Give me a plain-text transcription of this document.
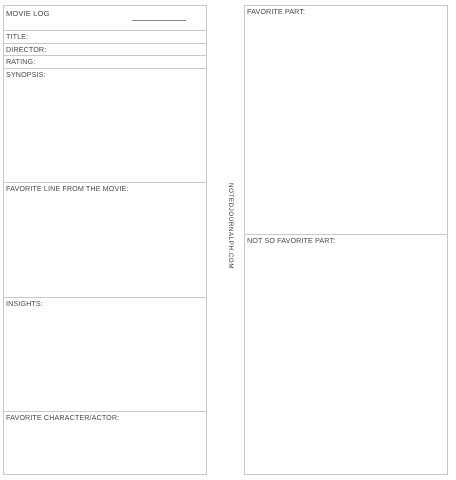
MOVIE LOG
TITLE:
DIRECTOR:
RATING:
SYNOPSIS:
FAVORITE LINE FROM THE MOVIE:
INSIGHTS:
FAVORITE CHARACTER/ACTOR:
NOTEDJOURNALPH.COM
FAVORITE PART:
NOT SO FAVORITE PART:
